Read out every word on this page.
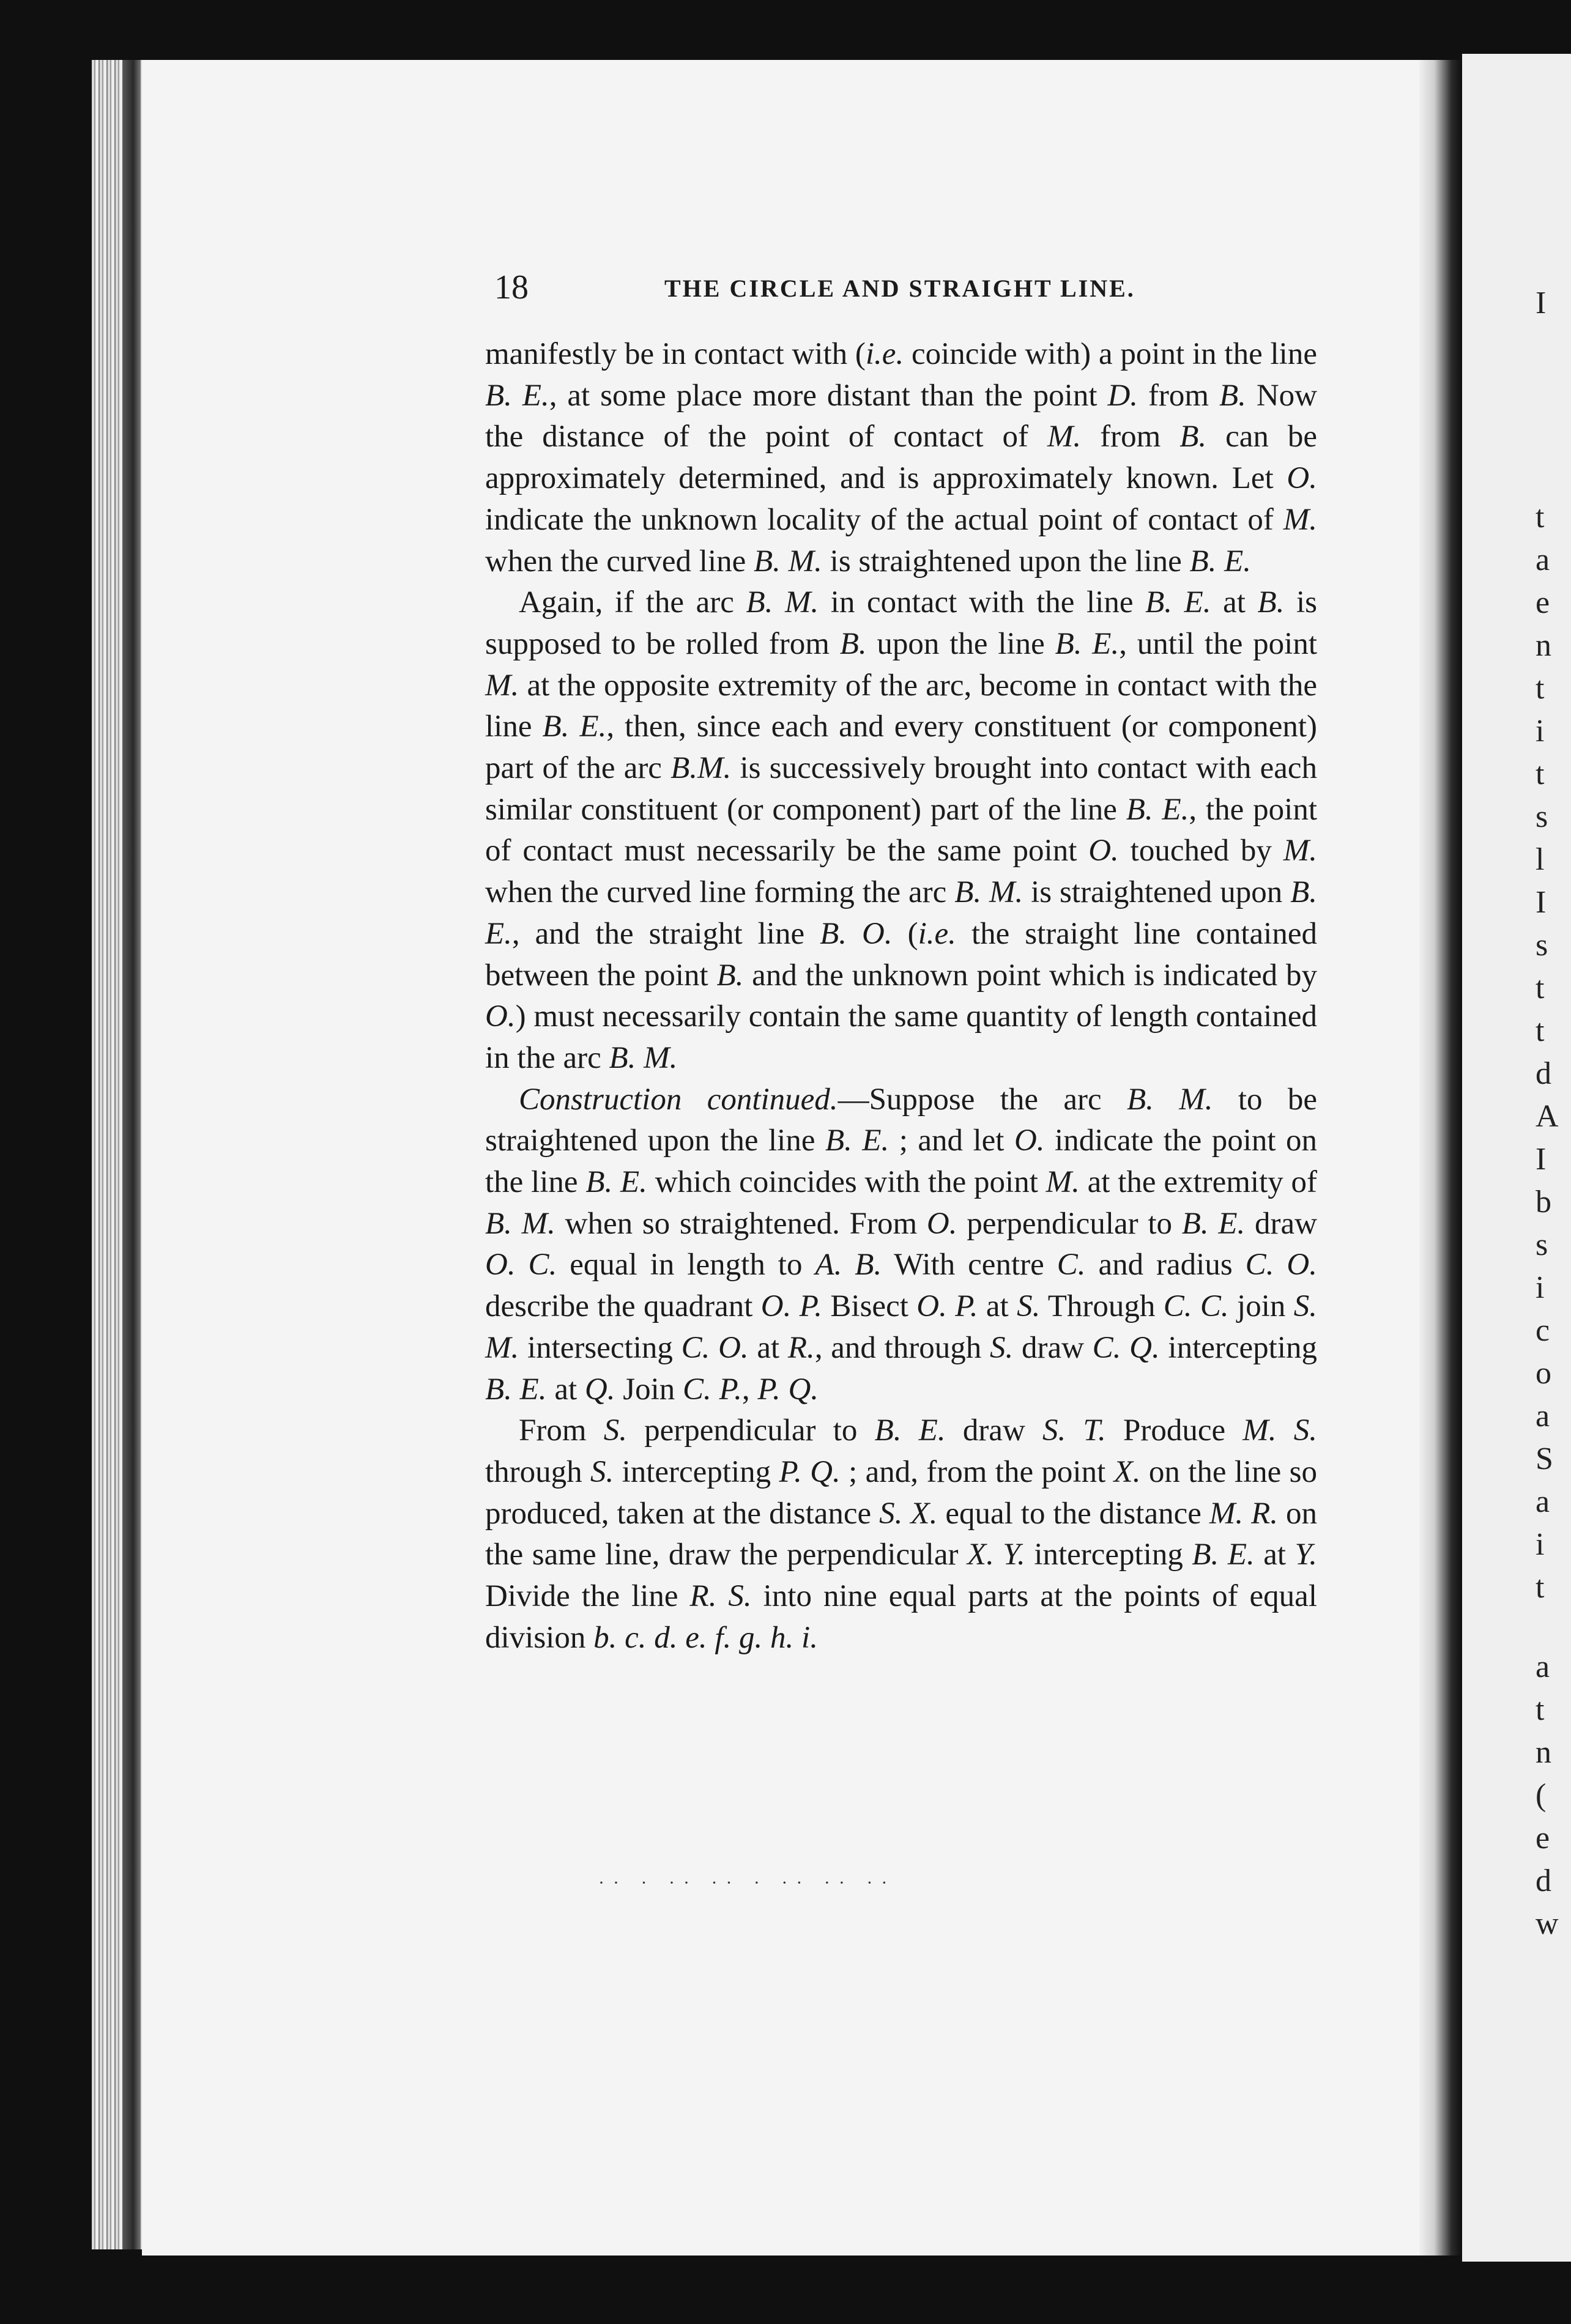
I
t
a
e
n
t
i
t
s
l
I
s
t
t
d
A
I
b
s
i
c
o
a
S
a
i
t
a
t
n
(
e
d
w
18	THE CIRCLE AND STRAIGHT LINE.

manifestly be in contact with (i.e. coincide with) a point in the line B. E., at some place more distant than the point D. from B. Now the distance of the point of contact of M. from B. can be approximately determined, and is approximately known. Let O. indicate the unknown locality of the actual point of contact of M. when the curved line B. M. is straightened upon the line B. E.

Again, if the arc B. M. in contact with the line B. E. at B. is supposed to be rolled from B. upon the line B. E., until the point M. at the opposite extremity of the arc, become in contact with the line B. E., then, since each and every constituent (or component) part of the arc B.M. is successively brought into contact with each similar constituent (or component) part of the line B. E., the point of contact must necessarily be the same point O. touched by M. when the curved line forming the arc B. M. is straightened upon B. E., and the straight line B. O. (i.e. the straight line contained between the point B. and the unknown point which is indicated by O.) must necessarily contain the same quantity of length contained in the arc B. M.

Construction continued.—Suppose the arc B. M. to be straightened upon the line B. E. ; and let O. indicate the point on the line B. E. which coincides with the point M. at the extremity of B. M. when so straightened. From O. perpendicular to B. E. draw O. C. equal in length to A. B. With centre C. and radius C. O. describe the quadrant O. P. Bisect O. P. at S. Through C. C. join S. M. intersecting C. O. at R., and through S. draw C. Q. intercepting B. E. at Q. Join C. P., P. Q.

From S. perpendicular to B. E. draw S. T. Produce M. S. through S. intercepting P. Q. ; and, from the point X. on the line so produced, taken at the distance S. X. equal to the distance M. R. on the same line, draw the perpendicular X. Y. intercepting B. E. at Y. Divide the line R. S. into nine equal parts at the points of equal division b. c. d. e. f. g. h. i.

·· · ·· ·· · ·· ·· ··
